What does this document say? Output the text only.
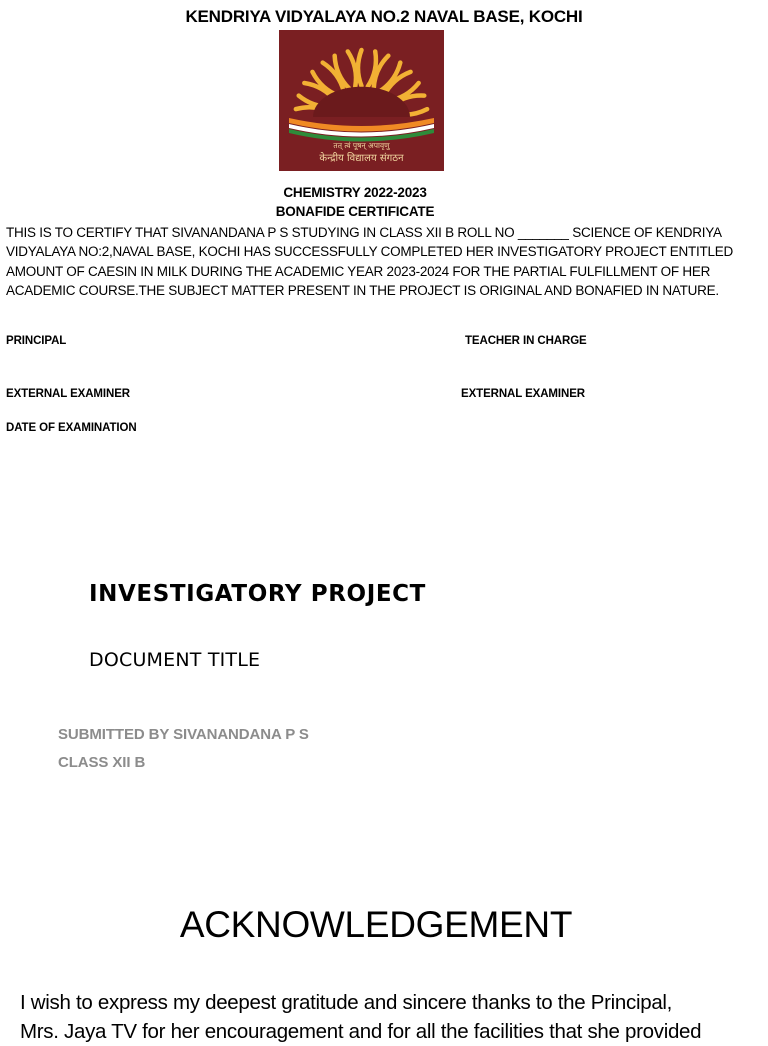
KENDRIYA VIDYALAYA NO.2 NAVAL BASE, KOCHI
तत् त्वं पूषन् अपावृणु
केन्द्रीय विद्यालय संगठन
CHEMISTRY 2022-2023
BONAFIDE CERTIFICATE
THIS IS TO CERTIFY THAT SIVANANDANA P S STUDYING IN CLASS XII B ROLL NO _______ SCIENCE OF KENDRIYA
VIDYALAYA NO:2,NAVAL BASE, KOCHI HAS SUCCESSFULLY COMPLETED HER INVESTIGATORY PROJECT ENTITLED
AMOUNT OF CAESIN IN MILK DURING THE ACADEMIC YEAR 2023-2024 FOR THE PARTIAL FULFILLMENT OF HER
ACADEMIC COURSE.THE SUBJECT MATTER PRESENT IN THE PROJECT IS ORIGINAL AND BONAFIED IN NATURE.
PRINCIPAL	TEACHER IN CHARGE
EXTERNAL EXAMINER	EXTERNAL EXAMINER
DATE OF EXAMINATION
INVESTIGATORY PROJECT
DOCUMENT TITLE
SUBMITTED BY SIVANANDANA P S
CLASS XII B
ACKNOWLEDGEMENT
I wish to express my deepest gratitude and sincere thanks to the Principal,
Mrs. Jaya TV for her encouragement and for all the facilities that she provided
